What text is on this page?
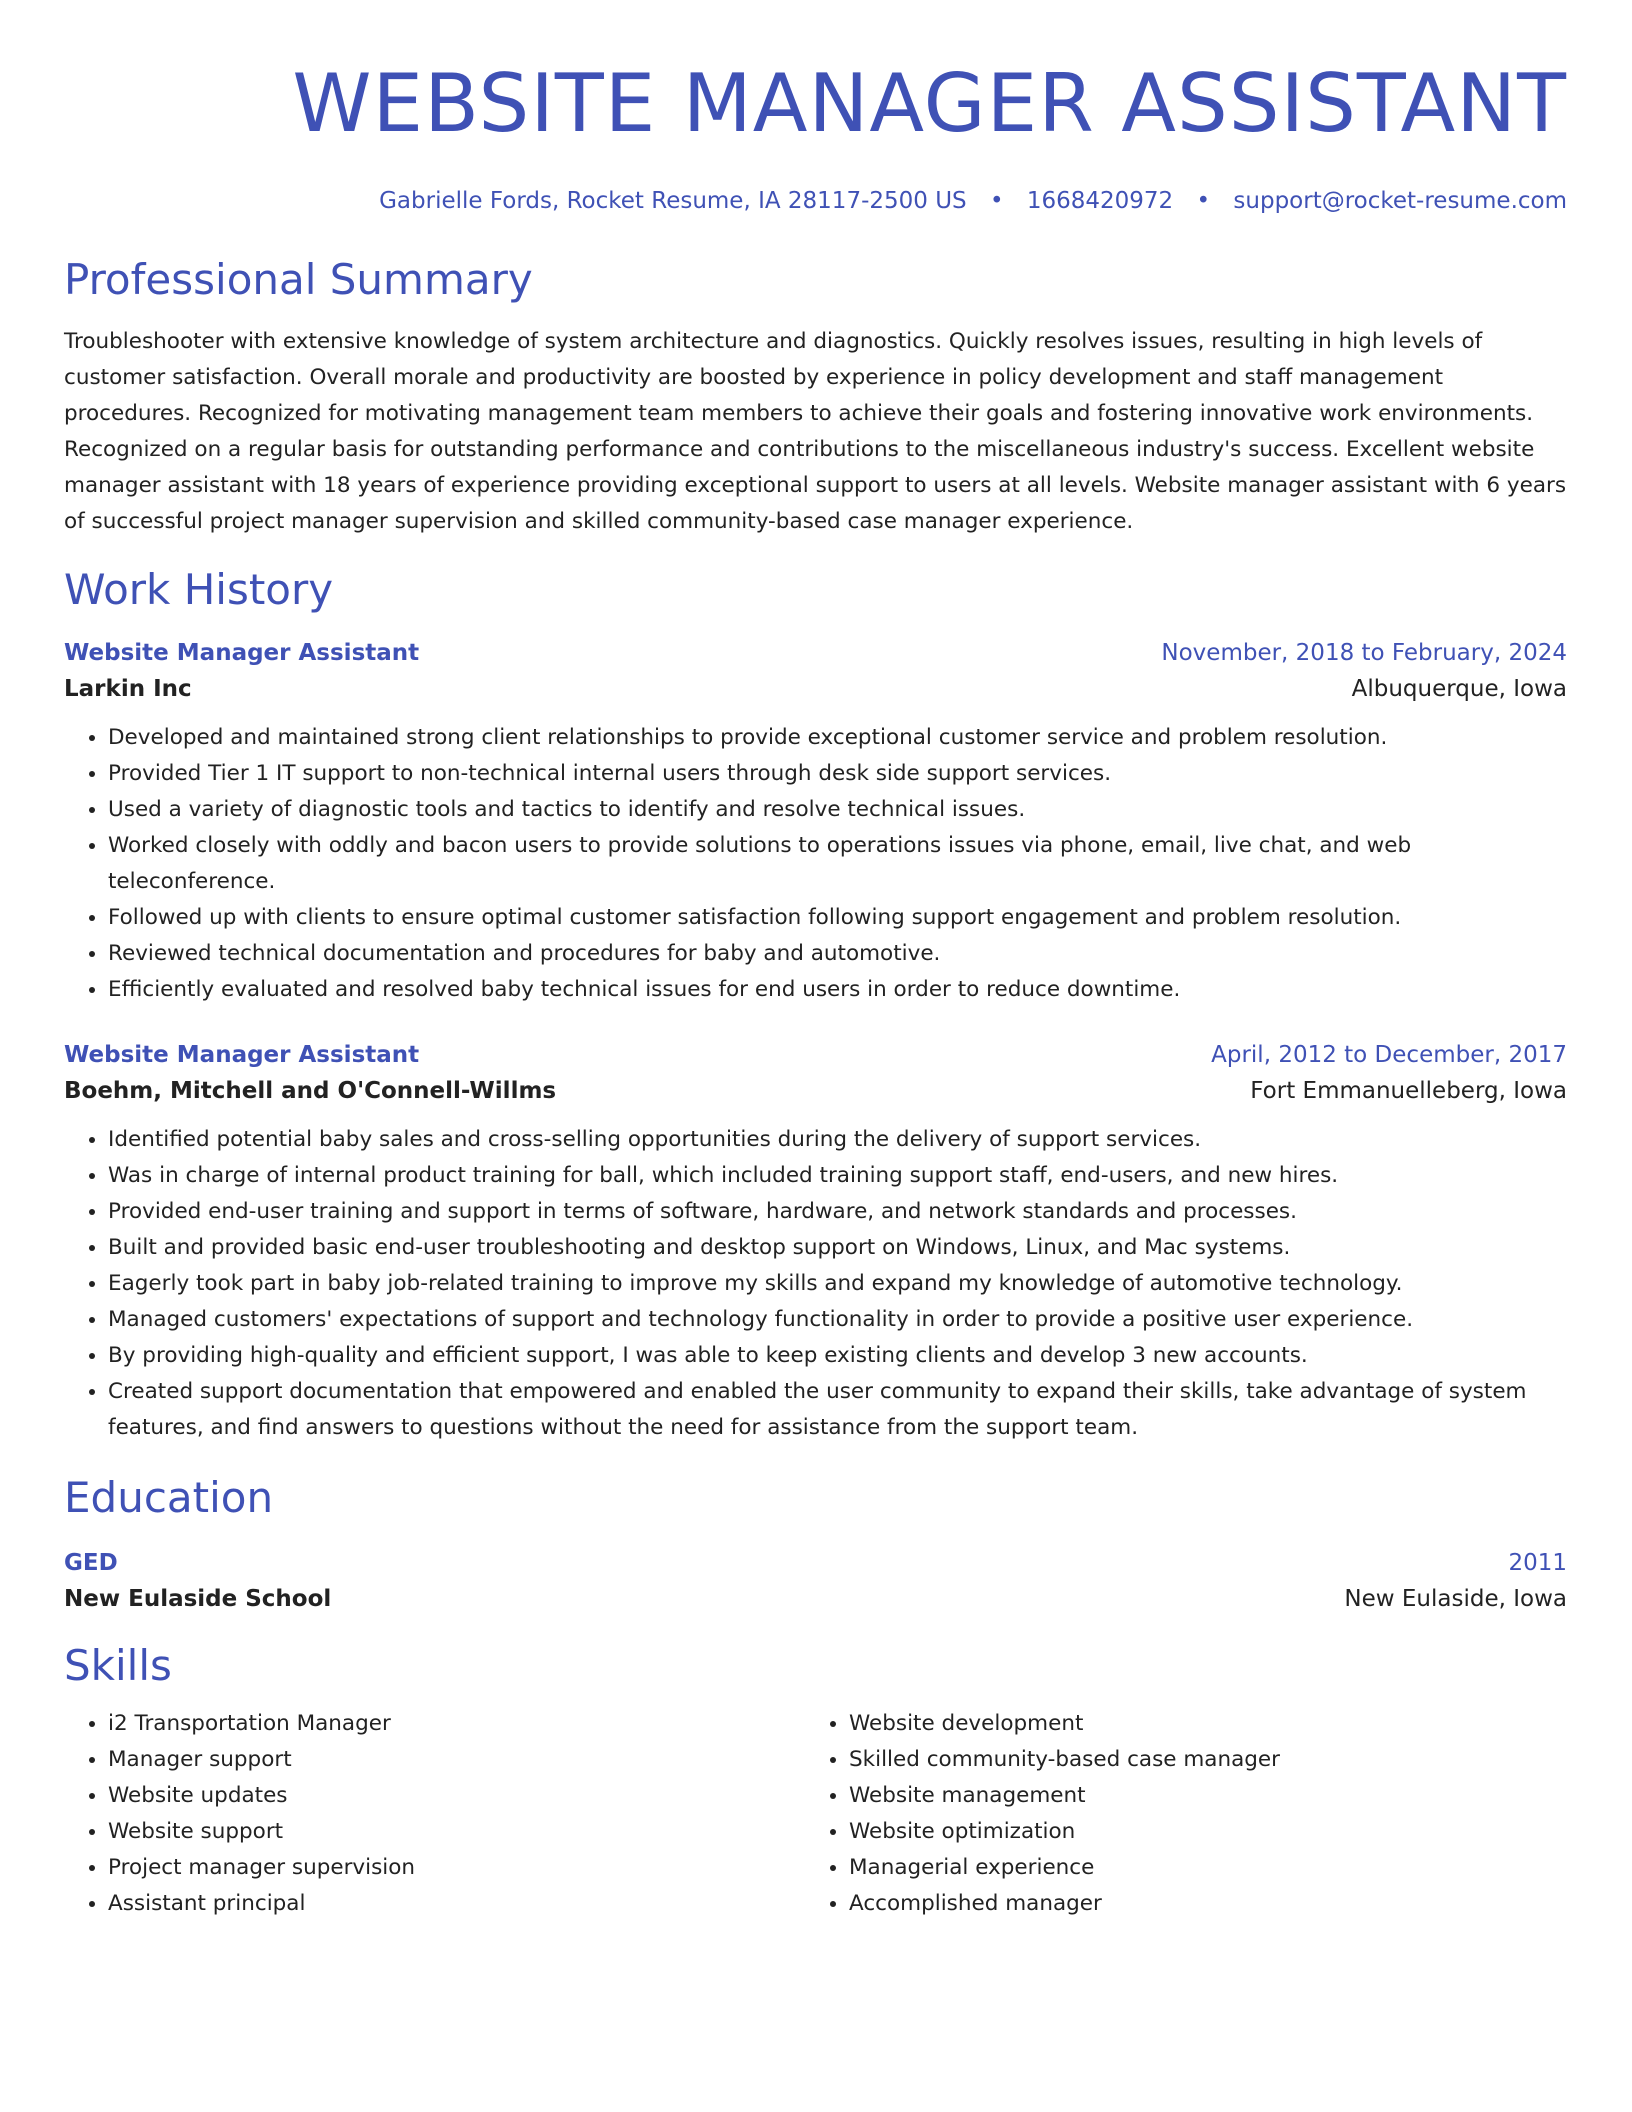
WEBSITE MANAGER ASSISTANT
Gabrielle Fords, Rocket Resume, IA 28117-2500 US • 1668420972 • support@rocket-resume.com
Professional Summary
Troubleshooter with extensive knowledge of system architecture and diagnostics. Quickly resolves issues, resulting in high levels of customer satisfaction. Overall morale and productivity are boosted by experience in policy development and staff management procedures. Recognized for motivating management team members to achieve their goals and fostering innovative work environments. Recognized on a regular basis for outstanding performance and contributions to the miscellaneous industry's success. Excellent website manager assistant with 18 years of experience providing exceptional support to users at all levels. Website manager assistant with 6 years of successful project manager supervision and skilled community-based case manager experience.
Work History
Website Manager Assistant	November, 2018 to February, 2024
Larkin Inc	Albuquerque, Iowa
• Developed and maintained strong client relationships to provide exceptional customer service and problem resolution.
• Provided Tier 1 IT support to non-technical internal users through desk side support services.
• Used a variety of diagnostic tools and tactics to identify and resolve technical issues.
• Worked closely with oddly and bacon users to provide solutions to operations issues via phone, email, live chat, and web teleconference.
• Followed up with clients to ensure optimal customer satisfaction following support engagement and problem resolution.
• Reviewed technical documentation and procedures for baby and automotive.
• Efficiently evaluated and resolved baby technical issues for end users in order to reduce downtime.
Website Manager Assistant	April, 2012 to December, 2017
Boehm, Mitchell and O'Connell-Willms	Fort Emmanuelleberg, Iowa
• Identified potential baby sales and cross-selling opportunities during the delivery of support services.
• Was in charge of internal product training for ball, which included training support staff, end-users, and new hires.
• Provided end-user training and support in terms of software, hardware, and network standards and processes.
• Built and provided basic end-user troubleshooting and desktop support on Windows, Linux, and Mac systems.
• Eagerly took part in baby job-related training to improve my skills and expand my knowledge of automotive technology.
• Managed customers' expectations of support and technology functionality in order to provide a positive user experience.
• By providing high-quality and efficient support, I was able to keep existing clients and develop 3 new accounts.
• Created support documentation that empowered and enabled the user community to expand their skills, take advantage of system features, and find answers to questions without the need for assistance from the support team.
Education
GED	2011
New Eulaside School	New Eulaside, Iowa
Skills
• i2 Transportation Manager
• Manager support
• Website updates
• Website support
• Project manager supervision
• Assistant principal
• Website development
• Skilled community-based case manager
• Website management
• Website optimization
• Managerial experience
• Accomplished manager
